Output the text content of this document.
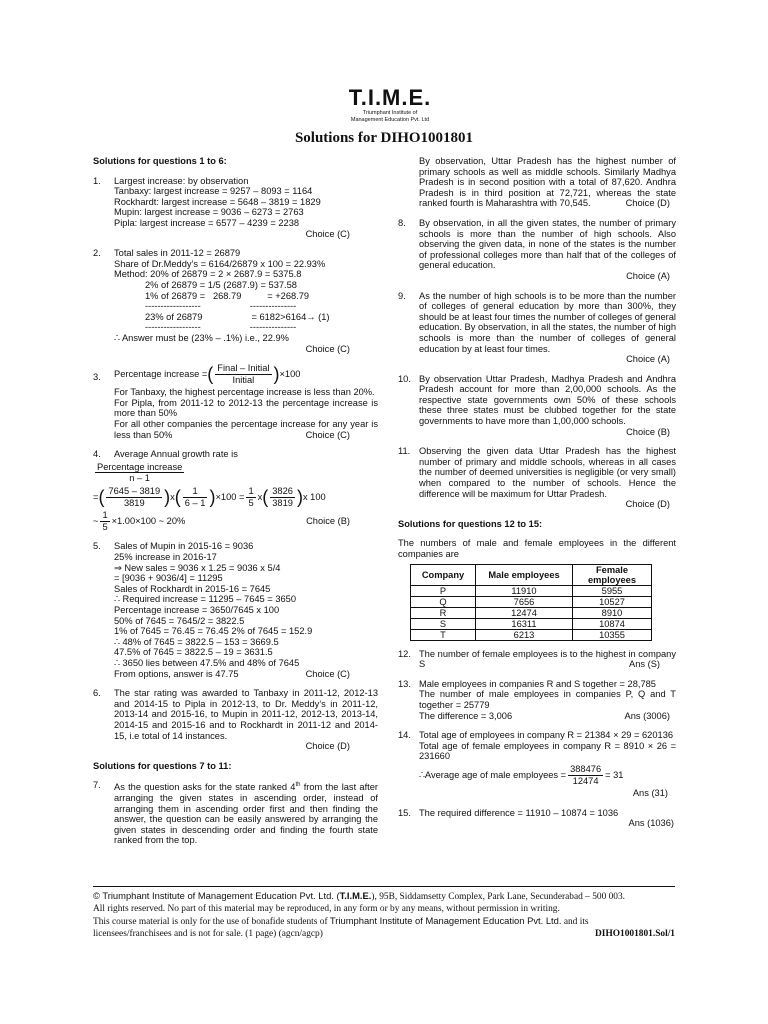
T.I.M.E.
Triumphant Institute of
Management Education Pvt. Ltd
Solutions for DIHO1001801
Solutions for questions 1 to 6:
1. Largest increase: by observation
Tanbaxy: largest increase = 9257 – 8093 = 1164
Rockhardt: largest increase = 5648 – 3819 = 1829
Mupin: largest increase = 9036 – 6273 = 2763
Pipla: largest increase = 6577 – 4239 = 2238
Choice (C)
2. Total sales in 2011-12 = 26879
Share of Dr.Meddy’s = 6164/26879 x 100 = 22.93%
Method: 20% of 26879 = 2 × 2687.9 = 5375.8
2% of 26879 = 1/5 (2687.9) = 537.58
1% of 26879 =   268.79          = +268.79
------------------                   ---------------
23% of 26879                   = 6182>6164→ (1)
------------------                   ---------------
∴ Answer must be (23% – .1%) i.e., 22.9%
Choice (C)
3. Percentage increase = ( $\frac{\text{Final – Initial}}{\text{Initial}}$ ) ×100
For Tanbaxy, the highest percentage increase is less than 20%.
For Pipla, from 2011-12 to 2012-13 the percentage increase is more than 50%
For all other companies the percentage increase for any year is less than 50%	Choice (C)
4. Average Annual growth rate is
$\frac{\text{Percentage increase}}{n - 1}$
= ( $\frac{7645 - 3819}{3819}$ ) x ( $\frac{1}{6 - 1}$ ) $\times 100 = \frac{1}{5}$ x ( $\frac{3826}{3819}$ ) x 100
~ $\frac{1}{5} \times 1.00\times 100$ ~ 20%	Choice (B)
5. Sales of Mupin in 2015-16 = 9036
25% increase in 2016-17
⇒ New sales = 9036 x 1.25 = 9036 x 5/4
= [9036 + 9036/4] = 11295
Sales of Rockhardt in 2015-16 = 7645
∴ Required increase = 11295 – 7645 = 3650
Percentage increase = 3650/7645 x 100
50% of 7645 = 7645/2 = 3822.5
1% of 7645 = 76.45 = 76.45 2% of 7645 = 152.9
∴ 48% of 7645 = 3822.5 – 153 = 3669.5
47.5% of 7645 = 3822.5 – 19 = 3631.5
∴ 3650 lies between 47.5% and 48% of 7645
From options, answer is 47.75	Choice (C)
6. The star rating was awarded to Tanbaxy in 2011-12, 2012-13 and 2014-15 to Pipla in 2012-13, to Dr. Meddy’s in 2011-12, 2013-14 and 2015-16, to Mupin in 2011-12, 2012-13, 2013-14, 2014-15 and 2015-16 and to Rockhardt in 2011-12 and 2014-15, i.e total of 14 instances.
Choice (D)
Solutions for questions 7 to 11:
7. As the question asks for the state ranked 4th from the last after arranging the given states in ascending order, instead of arranging them in ascending order first and then finding the answer, the question can be easily answered by arranging the given states in descending order and finding the fourth state ranked from the top.
By observation, Uttar Pradesh has the highest number of primary schools as well as middle schools. Similarly Madhya Pradesh is in second position with a total of 87,620. Andhra Pradesh is in third position at 72,721, whereas the state ranked fourth is Maharashtra with 70,545.	Choice (D)
8. By observation, in all the given states, the number of primary schools is more than the number of high schools. Also observing the given data, in none of the states is the number of professional colleges more than half that of the colleges of general education.
Choice (A)
9. As the number of high schools is to be more than the number of colleges of general education by more than 300%, they should be at least four times the number of colleges of general education. By observation, in all the states, the number of high schools is more than the number of colleges of general education by at least four times.
Choice (A)
10. By observation Uttar Pradesh, Madhya Pradesh and Andhra Pradesh account for more than 2,00,000 schools. As the respective state governments own 50% of these schools these three states must be clubbed together for the state governments to have more than 1,00,000 schools.
Choice (B)
11. Observing the given data Uttar Pradesh has the highest number of primary and middle schools, whereas in all cases the number of deemed universities is negligible (or very small) when compared to the number of schools. Hence the difference will be maximum for Uttar Pradesh.
Choice (D)
Solutions for questions 12 to 15:
The numbers of male and female employees in the different companies are
Company	Male employees	Female employees
P	11910	5955
Q	7656	10527
R	12474	8910
S	16311	10874
T	6213	10355
12. The number of female employees is to the highest in company S	Ans (S)
13. Male employees in companies R and S together = 28,785
The number of male employees in companies P, Q and T together = 25779
The difference = 3,006	Ans (3006)
14. Total age of employees in company R = 21384 × 29 = 620136
Total age of female employees in company R = 8910 × 26 = 231660
∴Average age of male employees = $\frac{388476}{12474} = 31$
Ans (31)
15. The required difference = 11910 – 10874 = 1036
Ans (1036)
© Triumphant Institute of Management Education Pvt. Ltd. (T.I.M.E.), 95B, Siddamsetty Complex, Park Lane, Secunderabad – 500 003.
All rights reserved. No part of this material may be reproduced, in any form or by any means, without permission in writing.
This course material is only for the use of bonafide students of Triumphant Institute of Management Education Pvt. Ltd. and its
licensees/franchisees and is not for sale. (1 page) (agcn/agcp)	DIHO1001801.Sol/1
